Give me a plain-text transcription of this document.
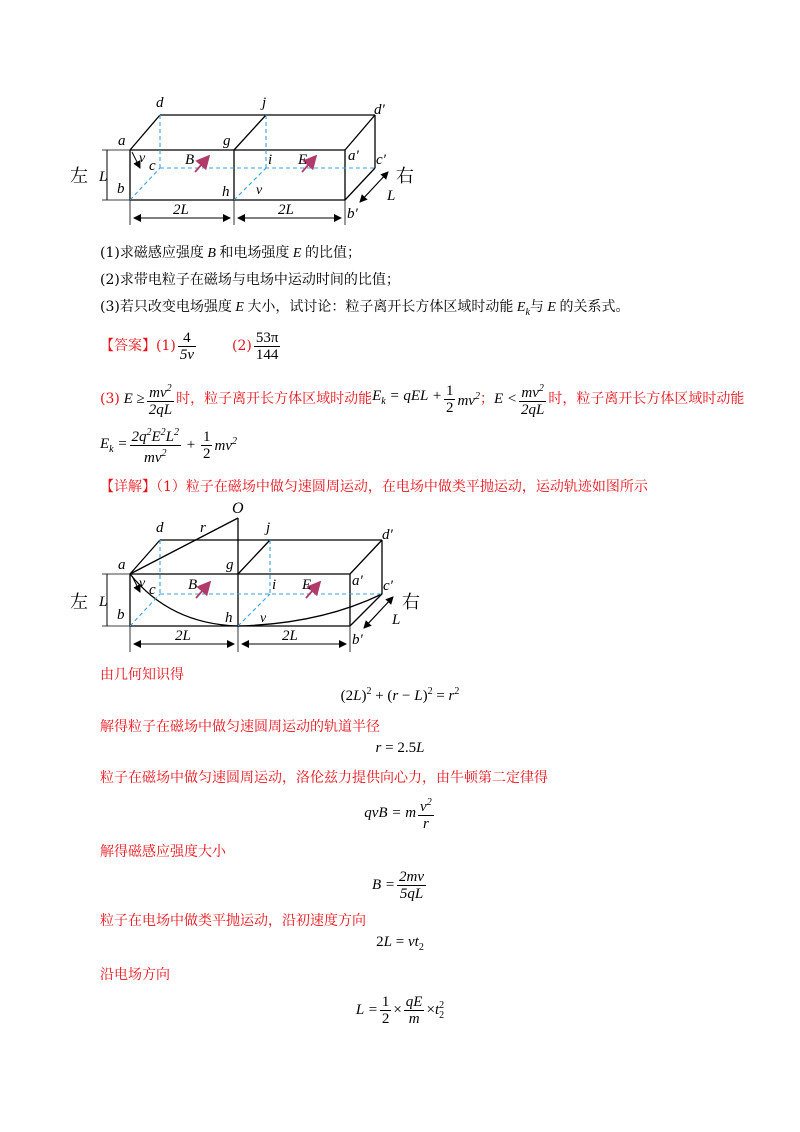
d	j	d′
a	g
v c B	i E	a′ c′
L
b	h v
2L	2L	b′
L
左	右
(1)求磁感应强度 B 和电场强度 E 的比值；
(2)求带电粒子在磁场与电场中运动时间的比值；
(3)若只改变电场强度 E 大小，试讨论：粒子离开长方体区域时动能 $E_k$与 E 的关系式。
【答案】 $(1) \frac{4}{5v}$	$(2) \frac{53\pi}{144}$
(3) $E \ge \frac{mv^2}{2qL}$ 时，粒子离开长方体区域时动能 $E_k$ = qEL + $\frac{1}{2} mv^2$ ； $E < \frac{mv^2}{2qL}$ 时，粒子离开长方体区域时动能
$E_k = \frac{2q^2E^2L^2}{mv^2} + \frac{1}{2} mv^2$
【详解】（1）粒子在磁场中做匀速圆周运动，在电场中做类平抛运动，运动轨迹如图所示
O
d r	j	d′
a	g
v c B	i E	a′ c′
L
b	h v
2L	2L	b′
L
左	右
由几何知识得
$(2L)^2 + (r - L)^2 = r^2$
解得粒子在磁场中做匀速圆周运动的轨道半径
r = 2.5L
粒子在磁场中做匀速圆周运动，洛伦兹力提供向心力，由牛顿第二定律得
qvB = m $\frac{v^2}{r}$
解得磁感应强度大小
$B = \frac{2mv}{5qL}$
粒子在电场中做类平抛运动，沿初速度方向
$2L = vt_2$
沿电场方向
$L = \frac{1}{2} \times \frac{qE}{m} \times t_2^2$
